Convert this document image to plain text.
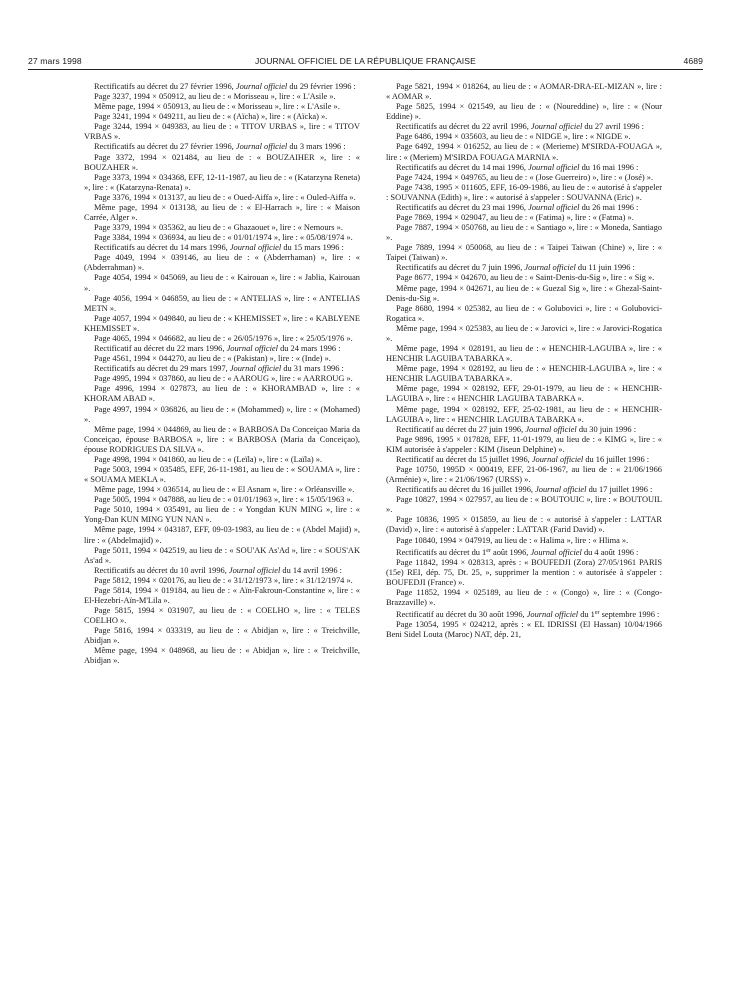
27 mars 1998	JOURNAL OFFICIEL DE LA RÉPUBLIQUE FRANÇAISE	4689

Rectificatifs au décret du 27 février 1996, Journal officiel du 29 février 1996 :

Page 3237, 1994 × 050912, au lieu de : « Morisseau », lire : « L'Asile ».

Même page, 1994 × 050913, au lieu de : « Morisseau », lire : « L'Asile ».

Page 3241, 1994 × 049211, au lieu de : « (Aïcha) », lire : « (Aïcka) ».

Page 3244, 1994 × 049383, au lieu de : « TITOV URBAS », lire : « TITOV VRBAS ».

Rectificatifs au décret du 27 février 1996, Journal officiel du 3 mars 1996 :

Page 3372, 1994 × 021484, au lieu de : « BOUZAIHER », lire : « BOUZAHER ».

Page 3373, 1994 × 034368, EFF, 12-11-1987, au lieu de : « (Katarzyna Reneta) », lire : « (Katarzyna-Renata) ».

Page 3376, 1994 × 013137, au lieu de : « Oued-Aiffa », lire : « Ouled-Aiffa ».

Même page, 1994 × 013138, au lieu de : « El-Harrach », lire : « Maison Carrée, Alger ».

Page 3379, 1994 × 035362, au lieu de : « Ghazaouet », lire : « Nemours ».

Page 3384, 1994 × 036934, au lieu de : « 01/01/1974 », lire : « 05/08/1974 ».

Rectificatifs au décret du 14 mars 1996, Journal officiel du 15 mars 1996 :

Page 4049, 1994 × 039146, au lieu de : « (Abderrhaman) », lire : « (Abderrahman) ».

Page 4054, 1994 × 045069, au lieu de : « Kairouan », lire : « Jablia, Kairouan ».

Page 4056, 1994 × 046859, au lieu de : « ANTELIAS », lire : « ANTELIAS METN ».

Page 4057, 1994 × 049840, au lieu de : « KHEMISSET », lire : « KABLYENE KHEMISSET ».

Page 4065, 1994 × 046682, au lieu de : « 26/05/1976 », lire : « 25/05/1976 ».

Rectificatif au décret du 22 mars 1996, Journal officiel du 24 mars 1996 :

Page 4561, 1994 × 044270, au lieu de : « (Pakistan) », lire : « (Inde) ».

Rectificatifs au décret du 29 mars 1997, Journal officiel du 31 mars 1996 :

Page 4995, 1994 × 037860, au lieu de : « AAROUG », lire : « AARROUG ».

Page 4996, 1994 × 027873, au lieu de : « KHORAMBAD », lire : « KHORAM ABAD ».

Page 4997, 1994 × 036826, au lieu de : « (Mohammed) », lire : « (Mohamed) ».

Même page, 1994 × 044869, au lieu de : « BARBOSA Da Conceiçao Maria da Conceiçao, épouse BARBOSA », lire : « BARBOSA (Maria da Conceiçao), épouse RODRIGUES DA SILVA ».

Page 4998, 1994 × 041860, au lieu de : « (Leïla) », lire : « (Laïla) ».

Page 5003, 1994 × 035485, EFF, 26-11-1981, au lieu de : « SOUAMA », lire : « SOUAMA MEKLA ».

Même page, 1994 × 036514, au lieu de : « El Asnam », lire : « Orléansville ».

Page 5005, 1994 × 047888, au lieu de : « 01/01/1963 », lire : « 15/05/1963 ».

Page 5010, 1994 × 035491, au lieu de : « Yongdan KUN MING », lire : « Yong-Dan KUN MING YUN NAN ».

Même page, 1994 × 043187, EFF, 09-03-1983, au lieu de : « (Abdel Majid) », lire : « (Abdelmajid) ».

Page 5011, 1994 × 042519, au lieu de : « SOU'AK As'Ad », lire : « SOUS'AK As'ad ».

Rectificatifs au décret du 10 avril 1996, Journal officiel du 14 avril 1996 :

Page 5812, 1994 × 020176, au lieu de : « 31/12/1973 », lire : « 31/12/1974 ».

Page 5814, 1994 × 019184, au lieu de : « Aïn-Fakroun-Constantine », lire : « El-Hezebri-Aïn-M'Lila ».

Page 5815, 1994 × 031907, au lieu de : « COELHO », lire : « TELES COELHO ».

Page 5816, 1994 × 033319, au lieu de : « Abidjan », lire : « Treichville, Abidjan ».

Même page, 1994 × 048968, au lieu de : « Abidjan », lire : « Treichville, Abidjan ».

Page 5821, 1994 × 018264, au lieu de : « AOMAR-DRA-EL-MIZAN », lire : « AOMAR ».

Page 5825, 1994 × 021549, au lieu de : « (Noureddine) », lire : « (Nour Eddine) ».

Rectificatifs au décret du 22 avril 1996, Journal officiel du 27 avril 1996 :

Page 6486, 1994 × 035603, au lieu de : « NIDGE », lire : « NIGDE ».

Page 6492, 1994 × 016252, au lieu de : « (Merieme) M'SIRDA-FOUAGA », lire : « (Meriem) M'SIRDA FOUAGA MARNIA ».

Rectificatifs au décret du 14 mai 1996, Journal officiel du 16 mai 1996 :

Page 7424, 1994 × 049765, au lieu de : « (Jose Guerreiro) », lire : « (José) ».

Page 7438, 1995 × 011605, EFF, 16-09-1986, au lieu de : « autorisé à s'appeler : SOUVANNA (Edith) », lire : « autorisé à s'appeler : SOUVANNA (Eric) ».

Rectificatifs au décret du 23 mai 1996, Journal officiel du 26 mai 1996 :

Page 7869, 1994 × 029047, au lieu de : « (Fatima) », lire : « (Fatma) ».

Page 7887, 1994 × 050768, au lieu de : « Santiago », lire : « Moneda, Santiago ».

Page 7889, 1994 × 050068, au lieu de : « Taipei Taiwan (Chine) », lire : « Taipei (Taiwan) ».

Rectificatifs au décret du 7 juin 1996, Journal officiel du 11 juin 1996 :

Page 8677, 1994 × 042670, au lieu de : « Saint-Denis-du-Sig », lire : « Sig ».

Même page, 1994 × 042671, au lieu de : « Guezal Sig », lire : « Ghezal-Saint-Denis-du-Sig ».

Page 8680, 1994 × 025382, au lieu de : « Golubovici », lire : « Golubovici-Rogatica ».

Même page, 1994 × 025383, au lieu de : « Jarovici », lire : « Jarovici-Rogatica ».

Même page, 1994 × 028191, au lieu de : « HENCHIR-LAGUIBA », lire : « HENCHIR LAGUIBA TABARKA ».

Même page, 1994 × 028192, au lieu de : « HENCHIR-LAGUIBA », lire : « HENCHIR LAGUIBA TABARKA ».

Même page, 1994 × 028192, EFF, 29-01-1979, au lieu de : « HENCHIR-LAGUIBA », lire : « HENCHIR LAGUIBA TABARKA ».

Même page, 1994 × 028192, EFF, 25-02-1981, au lieu de : « HENCHIR-LAGUIBA », lire : « HENCHIR LAGUIBA TABARKA ».

Rectificatif au décret du 27 juin 1996, Journal officiel du 30 juin 1996 :

Page 9896, 1995 × 017828, EFF, 11-01-1979, au lieu de : « KIMG », lire : « KIM autorisée à s'appeler : KIM (Jiseun Delphine) ».

Rectificatif au décret du 15 juillet 1996, Journal officiel du 16 juillet 1996 :

Page 10750, 1995D × 000419, EFF, 21-06-1967, au lieu de : « 21/06/1966 (Arménie) », lire : « 21/06/1967 (URSS) ».

Rectificatifs au décret du 16 juillet 1996, Journal officiel du 17 juillet 1996 :

Page 10827, 1994 × 027957, au lieu de : « BOUTOUIC », lire : « BOUTOUIL ».

Page 10836, 1995 × 015859, au lieu de : « autorisé à s'appeler : LATTAR (David) », lire : « autorisé à s'appeler : LATTAR (Farid David) ».

Page 10840, 1994 × 047919, au lieu de : « Halima », lire : « Hlima ».

Rectificatifs au décret du 1er août 1996, Journal officiel du 4 août 1996 :

Page 11842, 1994 × 028313, après : « BOUFEDJI (Zora) 27/05/1961 PARIS (15e) REI, dép. 75, Dt. 25, », supprimer la mention : « autorisée à s'appeler : BOUFEDJI (France) ».

Page 11852, 1994 × 025189, au lieu de : « (Congo) », lire : « (Congo-Brazzaville) ».

Rectificatif au décret du 30 août 1996, Journal officiel du 1er septembre 1996 :

Page 13054, 1995 × 024212, après : « EL IDRISSI (El Hassan) 10/04/1966 Beni Sidel Louta (Maroc) NAT, dép. 21,
